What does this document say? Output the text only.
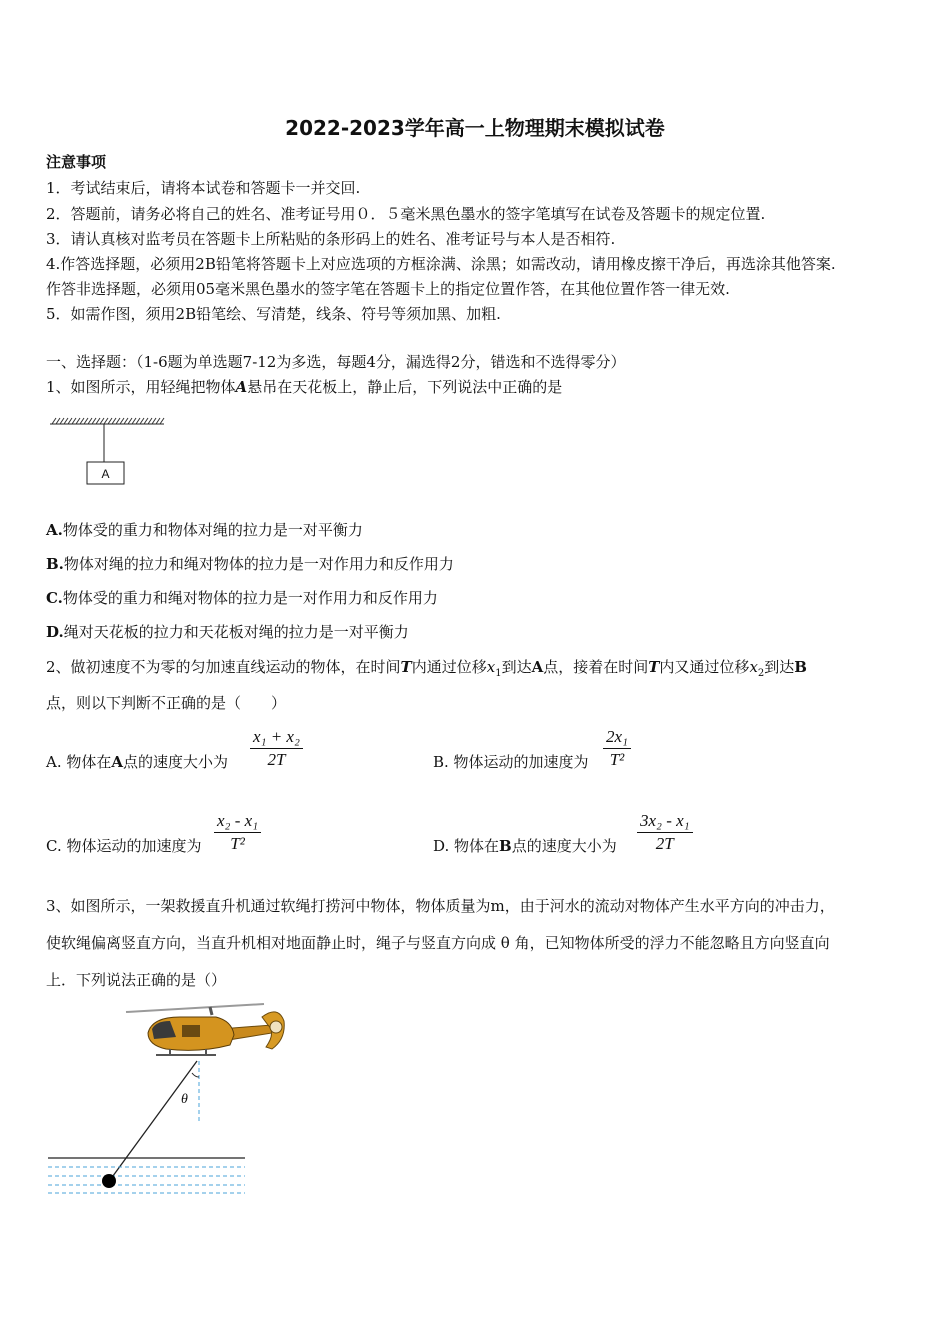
2022-2023学年高一上物理期末模拟试卷
注意事项
1．考试结束后，请将本试卷和答题卡一并交回.
2．答题前，请务必将自己的姓名、准考证号用０．５毫米黑色墨水的签字笔填写在试卷及答题卡的规定位置.
3．请认真核对监考员在答题卡上所粘贴的条形码上的姓名、准考证号与本人是否相符.
4.作答选择题，必须用2B铅笔将答题卡上对应选项的方框涂满、涂黑；如需改动，请用橡皮擦干净后，再选涂其他答案.
作答非选择题，必须用05毫米黑色墨水的签字笔在答题卡上的指定位置作答，在其他位置作答一律无效.
5．如需作图，须用2B铅笔绘、写清楚，线条、符号等须加黑、加粗.
一、选择题：（1-6题为单选题7-12为多选，每题4分，漏选得2分，错选和不选得零分）
1、如图所示，用轻绳把物体A悬吊在天花板上，静止后，下列说法中正确的是
A
A.物体受的重力和物体对绳的拉力是一对平衡力
B.物体对绳的拉力和绳对物体的拉力是一对作用力和反作用力
C.物体受的重力和绳对物体的拉力是一对作用力和反作用力
D.绳对天花板的拉力和天花板对绳的拉力是一对平衡力
2、做初速度不为零的匀加速直线运动的物体，在时间T内通过位移$x_1$到达A点，接着在时间T内又通过位移$x_2$到达B
点，则以下判断不正确的是（　　）
A. 物体在A点的速度大小为
x₁ + x₂
2T	B. 物体运动的加速度为
2x₁
T²
C. 物体运动的加速度为
x₂ - x₁
T²	D. 物体在B点的速度大小为
3x₂ - x₁
2T
3、如图所示，一架救援直升机通过软绳打捞河中物体，物体质量为m，由于河水的流动对物体产生水平方向的冲击力，
使软绳偏离竖直方向，当直升机相对地面静止时，绳子与竖直方向成 θ 角，已知物体所受的浮力不能忽略且方向竖直向
上．下列说法正确的是（）
θ
